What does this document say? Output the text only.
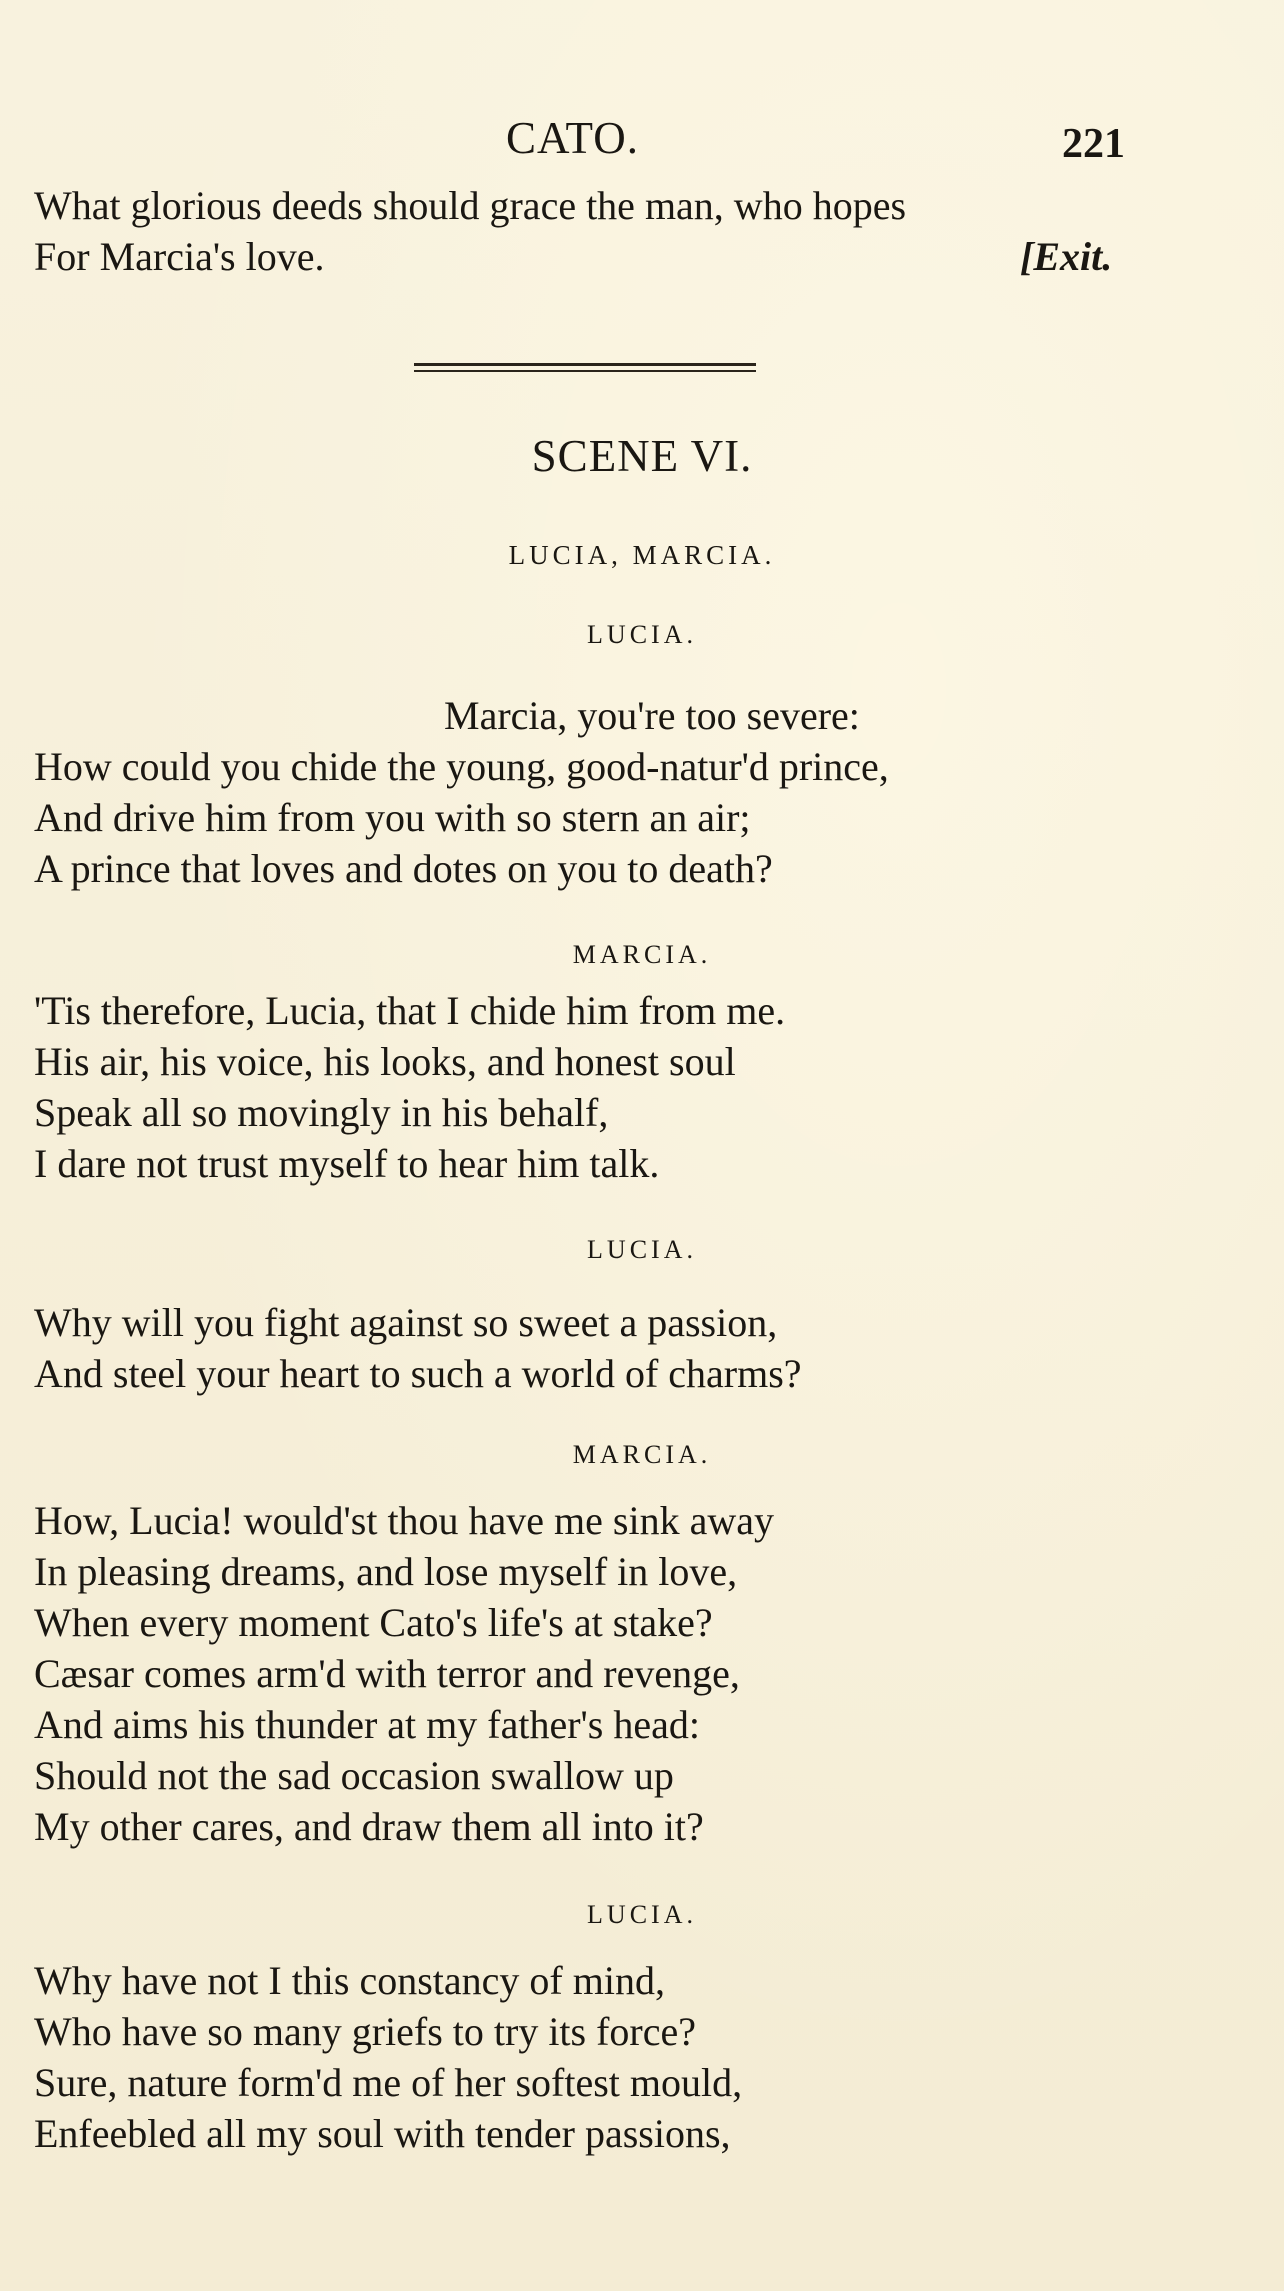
CATO.	221
What glorious deeds should grace the man, who hopes
For Marcia's love.	[Exit.
SCENE VI.
LUCIA, MARCIA.
LUCIA.
Marcia, you're too severe:
How could you chide the young, good-natur'd prince,
And drive him from you with so stern an air;
A prince that loves and dotes on you to death?
MARCIA.
'Tis therefore, Lucia, that I chide him from me.
His air, his voice, his looks, and honest soul
Speak all so movingly in his behalf,
I dare not trust myself to hear him talk.
LUCIA.
Why will you fight against so sweet a passion,
And steel your heart to such a world of charms?
MARCIA.
How, Lucia! would'st thou have me sink away
In pleasing dreams, and lose myself in love,
When every moment Cato's life's at stake?
Cæsar comes arm'd with terror and revenge,
And aims his thunder at my father's head:
Should not the sad occasion swallow up
My other cares, and draw them all into it?
LUCIA.
Why have not I this constancy of mind,
Who have so many griefs to try its force?
Sure, nature form'd me of her softest mould,
Enfeebled all my soul with tender passions,
